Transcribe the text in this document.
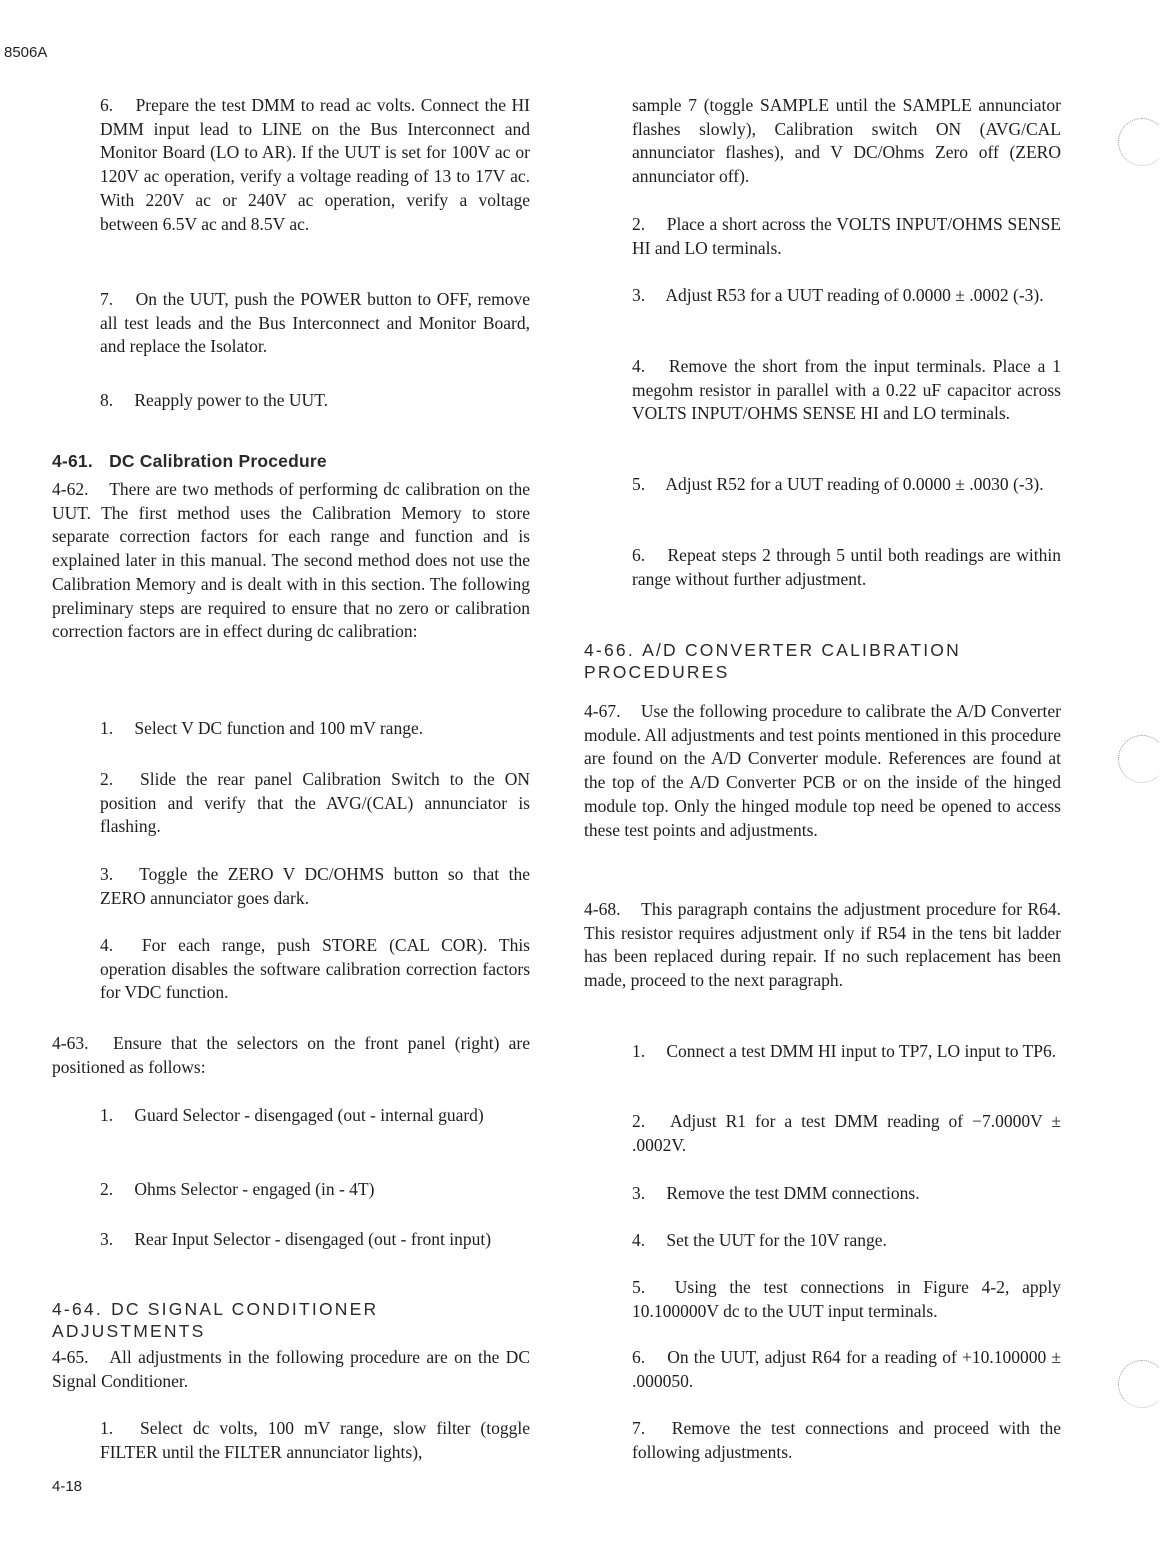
8506A
6. Prepare the test DMM to read ac volts. Connect the HI DMM input lead to LINE on the Bus Interconnect and Monitor Board (LO to AR). If the UUT is set for 100V ac or 120V ac operation, verify a voltage reading of 13 to 17V ac. With 220V ac or 240V ac operation, verify a voltage between 6.5V ac and 8.5V ac.
7. On the UUT, push the POWER button to OFF, remove all test leads and the Bus Interconnect and Monitor Board, and replace the Isolator.
8. Reapply power to the UUT.
4-61. DC Calibration Procedure
4-62. There are two methods of performing dc calibration on the UUT. The first method uses the Calibration Memory to store separate correction factors for each range and function and is explained later in this manual. The second method does not use the Calibration Memory and is dealt with in this section. The following preliminary steps are required to ensure that no zero or calibration correction factors are in effect during dc calibration:
1. Select V DC function and 100 mV range.
2. Slide the rear panel Calibration Switch to the ON position and verify that the AVG/(CAL) annunciator is flashing.
3. Toggle the ZERO V DC/OHMS button so that the ZERO annunciator goes dark.
4. For each range, push STORE (CAL COR). This operation disables the software calibration correction factors for VDC function.
4-63. Ensure that the selectors on the front panel (right) are positioned as follows:
1. Guard Selector - disengaged (out - internal guard)
2. Ohms Selector - engaged (in - 4T)
3. Rear Input Selector - disengaged (out - front input)
4-64. DC SIGNAL CONDITIONER ADJUSTMENTS
4-65. All adjustments in the following procedure are on the DC Signal Conditioner.
1. Select dc volts, 100 mV range, slow filter (toggle FILTER until the FILTER annunciator lights),
4-18
sample 7 (toggle SAMPLE until the SAMPLE annunciator flashes slowly), Calibration switch ON (AVG/CAL annunciator flashes), and V DC/Ohms Zero off (ZERO annunciator off).
2. Place a short across the VOLTS INPUT/OHMS SENSE HI and LO terminals.
3. Adjust R53 for a UUT reading of 0.0000 ± .0002 (-3).
4. Remove the short from the input terminals. Place a 1 megohm resistor in parallel with a 0.22 uF capacitor across VOLTS INPUT/OHMS SENSE HI and LO terminals.
5. Adjust R52 for a UUT reading of 0.0000 ± .0030 (-3).
6. Repeat steps 2 through 5 until both readings are within range without further adjustment.
4-66. A/D CONVERTER CALIBRATION PROCEDURES
4-67. Use the following procedure to calibrate the A/D Converter module. All adjustments and test points mentioned in this procedure are found on the A/D Converter module. References are found at the top of the A/D Converter PCB or on the inside of the hinged module top. Only the hinged module top need be opened to access these test points and adjustments.
4-68. This paragraph contains the adjustment procedure for R64. This resistor requires adjustment only if R54 in the tens bit ladder has been replaced during repair. If no such replacement has been made, proceed to the next paragraph.
1. Connect a test DMM HI input to TP7, LO input to TP6.
2. Adjust R1 for a test DMM reading of −7.0000V ± .0002V.
3. Remove the test DMM connections.
4. Set the UUT for the 10V range.
5. Using the test connections in Figure 4-2, apply 10.100000V dc to the UUT input terminals.
6. On the UUT, adjust R64 for a reading of +10.100000 ± .000050.
7. Remove the test connections and proceed with the following adjustments.
